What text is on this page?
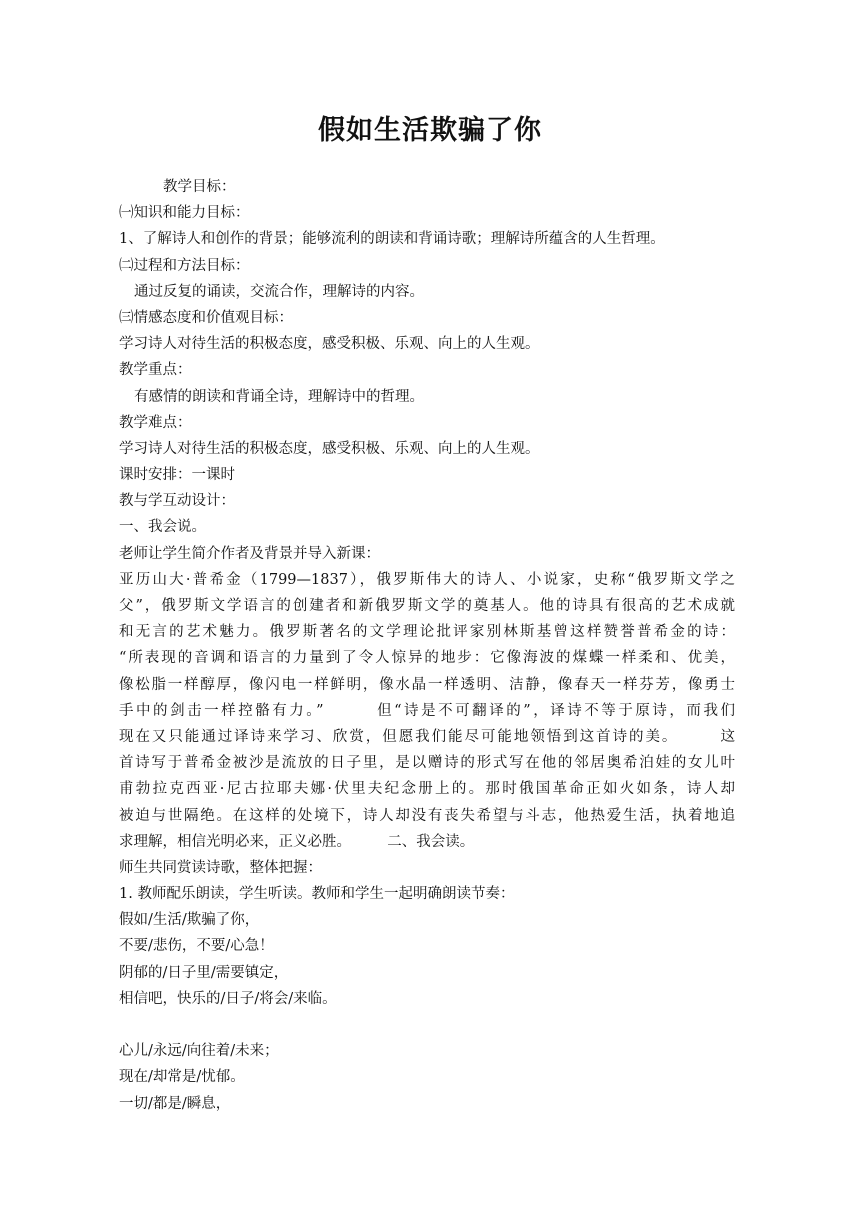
假如生活欺骗了你
教学目标：
㈠知识和能力目标：
1、了解诗人和创作的背景；能够流利的朗读和背诵诗歌；理解诗所蕴含的人生哲理。
㈡过程和方法目标：
通过反复的诵读，交流合作，理解诗的内容。
㈢情感态度和价值观目标：
学习诗人对待生活的积极态度，感受积极、乐观、向上的人生观。
教学重点：
有感情的朗读和背诵全诗，理解诗中的哲理。
教学难点：
学习诗人对待生活的积极态度，感受积极、乐观、向上的人生观。
课时安排：一课时
教与学互动设计：
一、我会说。
老师让学生简介作者及背景并导入新课：
亚历山大·普希金（1799—1837），俄罗斯伟大的诗人、小说家，史称“俄罗斯文学之
父”，俄罗斯文学语言的创建者和新俄罗斯文学的奠基人。他的诗具有很高的艺术成就
和无言的艺术魅力。俄罗斯著名的文学理论批评家别林斯基曾这样赞誉普希金的诗：
“所表现的音调和语言的力量到了令人惊异的地步：它像海波的煤蝶一样柔和、优美，
像松脂一样醇厚，像闪电一样鲜明，像水晶一样透明、洁静，像春天一样芬芳，像勇士
手中的剑击一样控骼有力。”　　　但“诗是不可翻译的”，译诗不等于原诗，而我们
现在又只能通过译诗来学习、欣赏，但愿我们能尽可能地领悟到这首诗的美。　　　这
首诗写于普希金被沙是流放的日子里，是以赠诗的形式写在他的邻居奥希泊娃的女儿叶
甫勃拉克西亚·尼古拉耶夫娜·伏里夫纪念册上的。那时俄国革命正如火如条，诗人却
被迫与世隔绝。在这样的处境下，诗人却没有丧失希望与斗志，他热爱生活，执着地追
求理解，相信光明必来，正义必胜。　　　二、我会读。
师生共同赏读诗歌，整体把握：
1. 教师配乐朗读，学生听读。教师和学生一起明确朗读节奏：
假如/生活/欺骗了你，
不要/悲伤，不要/心急！
阴郁的/日子里/需要镇定，
相信吧，快乐的/日子/将会/来临。
心儿/永远/向往着/未来；
现在/却常是/忧郁。
一切/都是/瞬息，
